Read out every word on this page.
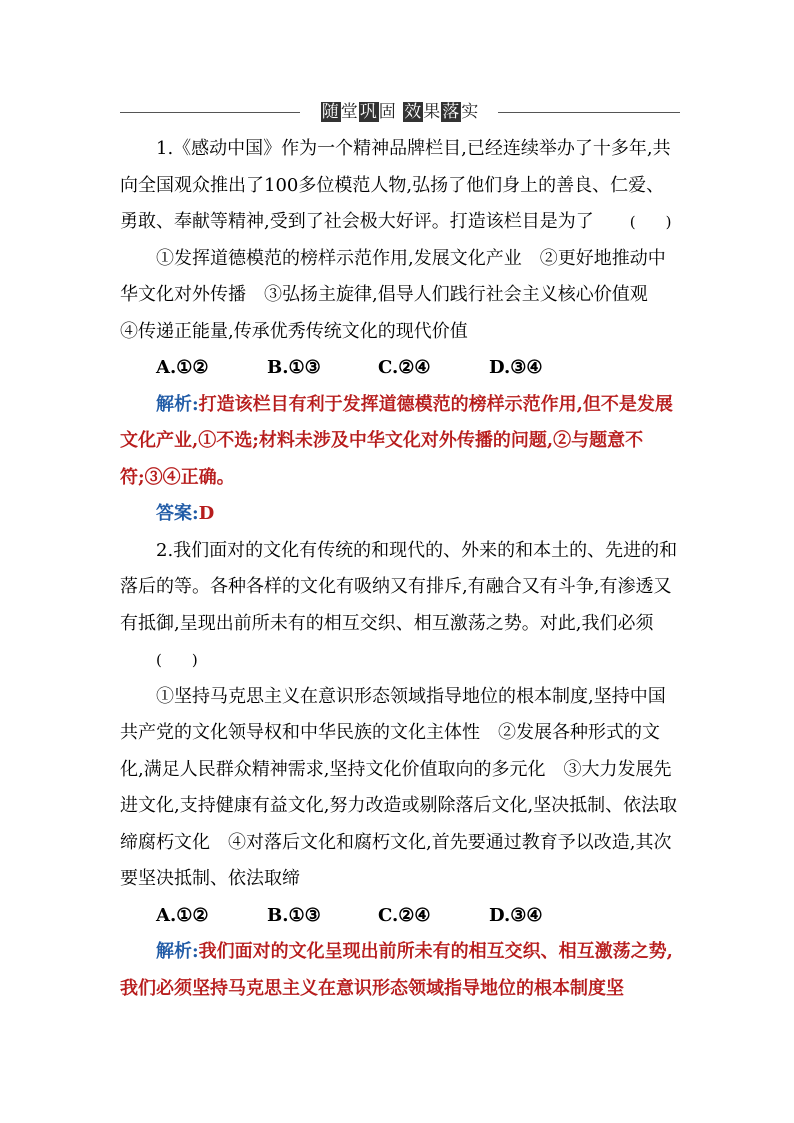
随堂巩固 效果落实

1.《感动中国》作为一个精神品牌栏目,已经连续举办了十多年,共向全国观众推出了100多位模范人物,弘扬了他们身上的善良、仁爱、勇敢、奉献等精神,受到了社会极大好评。打造该栏目是为了 (　　)

①发挥道德模范的榜样示范作用,发展文化产业　②更好地推动中华文化对外传播　③弘扬主旋律,倡导人们践行社会主义核心价值观　④传递正能量,传承优秀传统文化的现代价值

A.①②	B.①③	C.②④	D.③④

解析:打造该栏目有利于发挥道德模范的榜样示范作用,但不是发展文化产业,①不选;材料未涉及中华文化对外传播的问题,②与题意不符;③④正确。

答案:D

2.我们面对的文化有传统的和现代的、外来的和本土的、先进的和落后的等。各种各样的文化有吸纳又有排斥,有融合又有斗争,有渗透又有抵御,呈现出前所未有的相互交织、相互激荡之势。对此,我们必须(　　)

①坚持马克思主义在意识形态领域指导地位的根本制度,坚持中国共产党的文化领导权和中华民族的文化主体性　②发展各种形式的文化,满足人民群众精神需求,坚持文化价值取向的多元化　③大力发展先进文化,支持健康有益文化,努力改造或剔除落后文化,坚决抵制、依法取缔腐朽文化　④对落后文化和腐朽文化,首先要通过教育予以改造,其次要坚决抵制、依法取缔

A.①②	B.①③	C.②④	D.③④

解析:我们面对的文化呈现出前所未有的相互交织、相互激荡之势,我们必须坚持马克思主义在意识形态领域指导地位的根本制度坚
